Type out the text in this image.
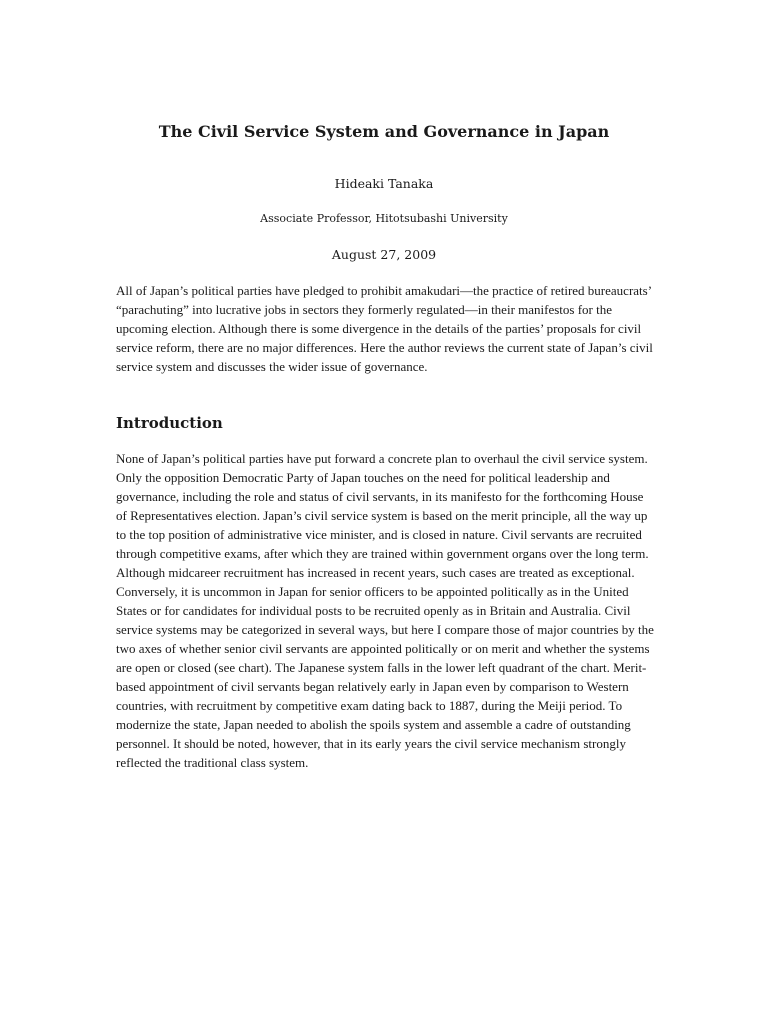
The Civil Service System and Governance in Japan
Hideaki Tanaka
Associate Professor, Hitotsubashi University
August 27, 2009

All of Japan’s political parties have pledged to prohibit amakudari—the practice of retired bureaucrats’ “parachuting” into lucrative jobs in sectors they formerly regulated—in their manifestos for the upcoming election. Although there is some divergence in the details of the parties’ proposals for civil service reform, there are no major differences. Here the author reviews the current state of Japan’s civil service system and discusses the wider issue of governance.

Introduction

None of Japan’s political parties have put forward a concrete plan to overhaul the civil service system. Only the opposition Democratic Party of Japan touches on the need for political leadership and governance, including the role and status of civil servants, in its manifesto for the forthcoming House of Representatives election. Japan’s civil service system is based on the merit principle, all the way up to the top position of administrative vice minister, and is closed in nature. Civil servants are recruited through competitive exams, after which they are trained within government organs over the long term. Although midcareer recruitment has increased in recent years, such cases are treated as exceptional. Conversely, it is uncommon in Japan for senior officers to be appointed politically as in the United States or for candidates for individual posts to be recruited openly as in Britain and Australia. Civil service systems may be categorized in several ways, but here I compare those of major countries by the two axes of whether senior civil servants are appointed politically or on merit and whether the systems are open or closed (see chart). The Japanese system falls in the lower left quadrant of the chart. Merit-based appointment of civil servants began relatively early in Japan even by comparison to Western countries, with recruitment by competitive exam dating back to 1887, during the Meiji period. To modernize the state, Japan needed to abolish the spoils system and assemble a cadre of outstanding personnel. It should be noted, however, that in its early years the civil service mechanism strongly reflected the traditional class system.
